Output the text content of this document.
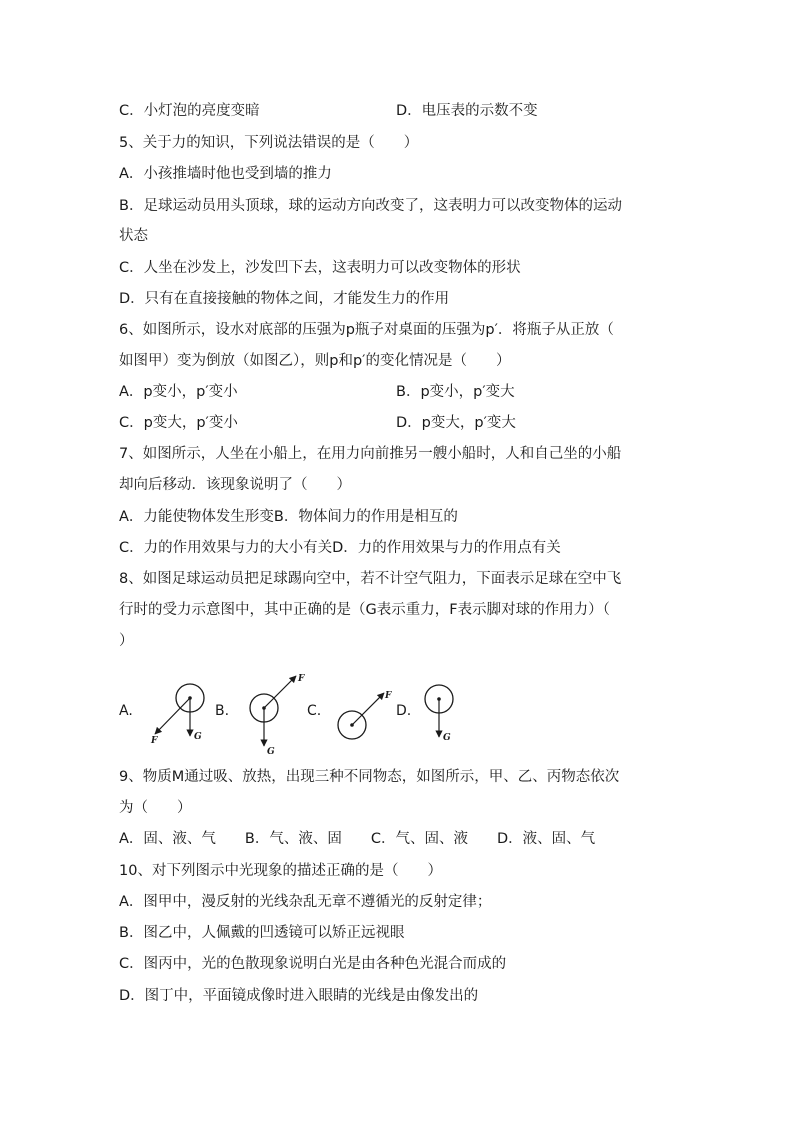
C．小灯泡的亮度变暗	D．电压表的示数不变
5、关于力的知识，下列说法错误的是（　　）
A．小孩推墙时他也受到墙的推力
B．足球运动员用头顶球，球的运动方向改变了，这表明力可以改变物体的运动
状态
C．人坐在沙发上，沙发凹下去，这表明力可以改变物体的形状
D．只有在直接接触的物体之间，才能发生力的作用
6、如图所示，设水对底部的压强为p瓶子对桌面的压强为p′．将瓶子从正放（
如图甲）变为倒放（如图乙），则p和p′的变化情况是（　　）
A．p变小，p′变小	B．p变小，p′变大
C．p变大，p′变小	D．p变大，p′变大
7、如图所示，人坐在小船上，在用力向前推另一艘小船时，人和自己坐的小船
却向后移动．该现象说明了（　　）
A．力能使物体发生形变B．物体间力的作用是相互的
C．力的作用效果与力的大小有关D．力的作用效果与力的作用点有关
8、如图足球运动员把足球踢向空中，若不计空气阻力，下面表示足球在空中飞
行时的受力示意图中，其中正确的是（G表示重力，F表示脚对球的作用力）（
）
A.
F	G
B.
F
G
C.
F
D.
G
9、物质M通过吸、放热，出现三种不同物态，如图所示，甲、乙、丙物态依次
为（　　）
A．固、液、气　　B．气、液、固　　C．气、固、液　　D．液、固、气
10、对下列图示中光现象的描述正确的是（　　）
A．图甲中，漫反射的光线杂乱无章不遵循光的反射定律；
B．图乙中，人佩戴的凹透镜可以矫正远视眼
C．图丙中，光的色散现象说明白光是由各种色光混合而成的
D．图丁中，平面镜成像时进入眼睛的光线是由像发出的
